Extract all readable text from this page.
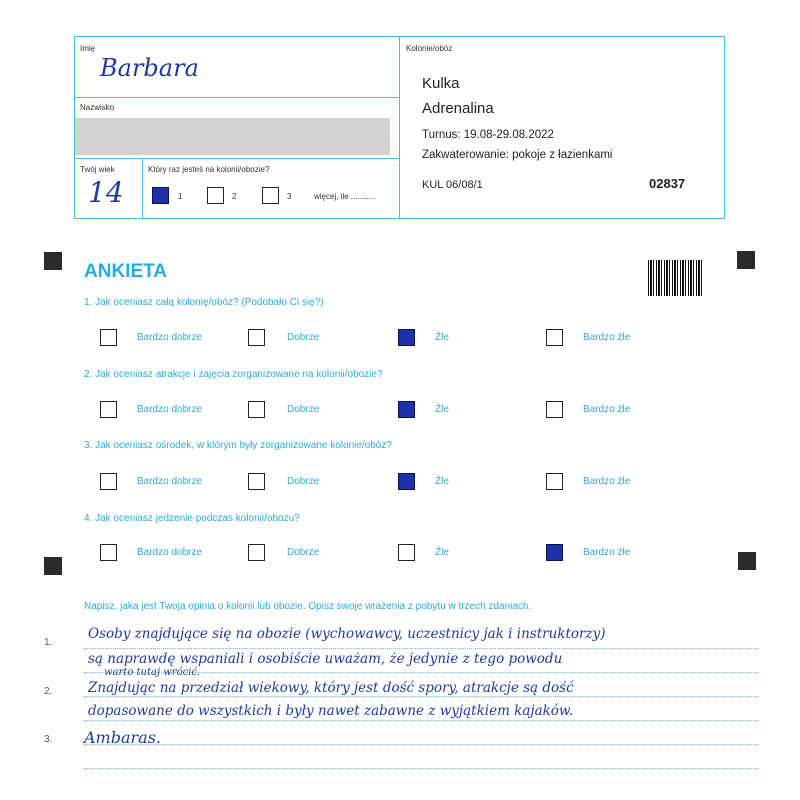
Imię
Barbara
Nazwisko
Twój wiek
14
Który raz jesteś na kolonii/obozie?
1	2	3	więcej, ile ...........
Kolonie/obóz
Kulka
Adrenalina
Turnus: 19.08-29.08.2022
Zakwaterowanie: pokoje z łazienkami
KUL 06/08/1	02837
ANKIETA
1. Jak oceniasz całą kolonię/obóz? (Podobało Ci się?)
2. Jak oceniasz atrakcje i zajęcia zorganizowane na kolonii/obozie?
3. Jak oceniasz ośrodek, w którym były zorganizowane kolonie/obóz?
4. Jak oceniasz jedzenie podczas kolonii/obozu?
Bardzo dobrze	Dobrze	Źle	Bardzo źle
Bardzo dobrze	Dobrze	Źle	Bardzo źle
Bardzo dobrze	Dobrze	Źle	Bardzo źle
Bardzo dobrze	Dobrze	Źle	Bardzo źle
Napisz, jaka jest Twoja opinia o kolonii lub obozie. Opisz swoje wrażenia z pobytu w trzech zdaniach.
1.
2.
3.
Osoby znajdujące się na obozie (wychowawcy, uczestnicy jak i instruktorzy)
są naprawdę wspaniali i osobiście uważam, że jedynie z tego powodu
warto tutaj wrócić.
Znajdując na przedział wiekowy, który jest dość spory, atrakcje są dość
dopasowane do wszystkich i były nawet zabawne z wyjątkiem kajaków.
Ambaras.
